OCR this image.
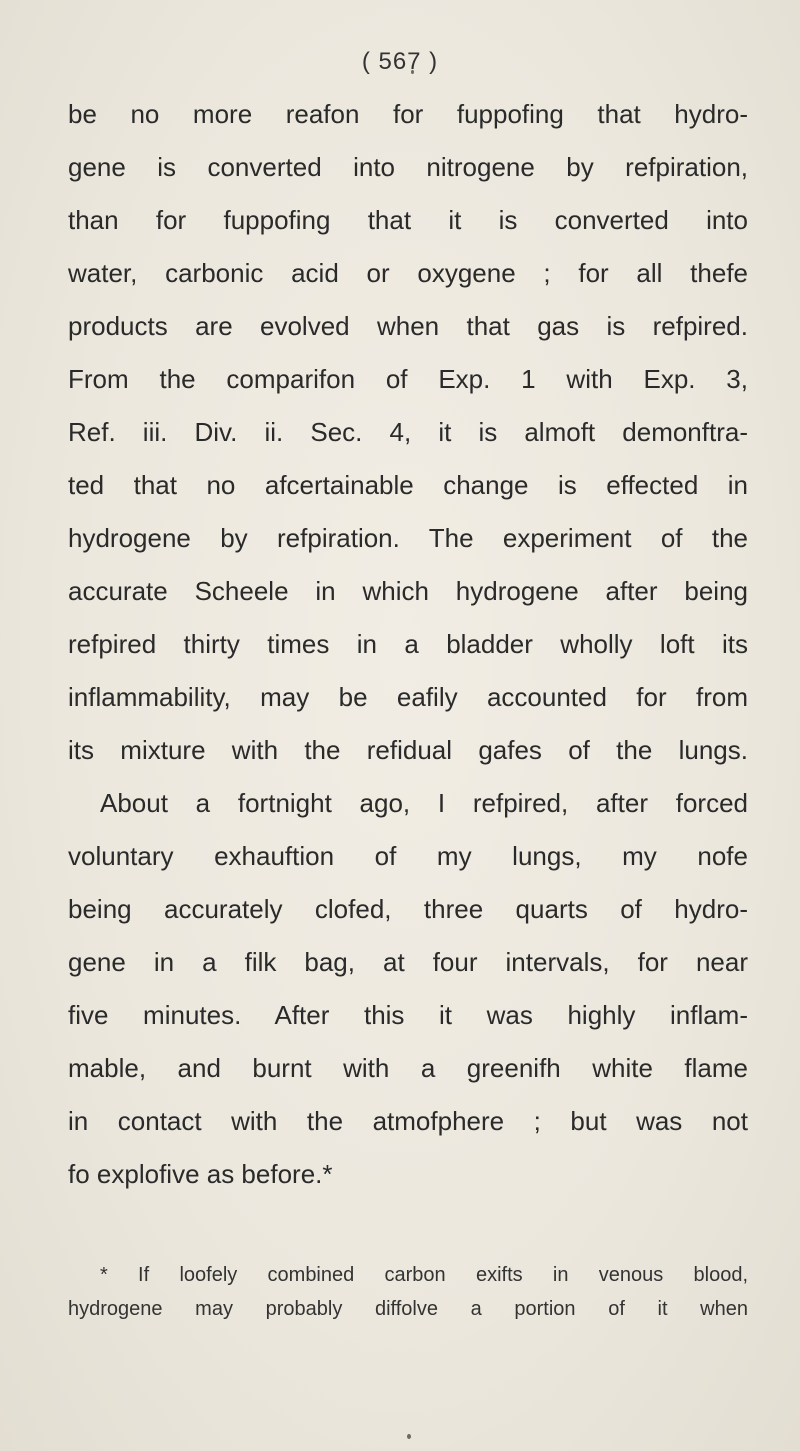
( 567 )
be no more reafon for fuppofing that hydro-
gene is converted into nitrogene by refpiration,
than for fuppofing that it is converted into
water, carbonic acid or oxygene ; for all thefe
products are evolved when that gas is refpired.
From the comparifon of Exp. 1 with Exp. 3,
Ref. iii. Div. ii. Sec. 4, it is almoft demonftra-
ted that no afcertainable change is effected in
hydrogene by refpiration. The experiment of the
accurate Scheele in which hydrogene after being
refpired thirty times in a bladder wholly loft its
inflammability, may be eafily accounted for from
its mixture with the refidual gafes of the lungs.
About a fortnight ago, I refpired, after forced
voluntary exhauftion of my lungs, my nofe
being accurately clofed, three quarts of hydro-
gene in a filk bag, at four intervals, for near
five minutes. After this it was highly inflam-
mable, and burnt with a greenifh white flame
in contact with the atmofphere ; but was not
fo explofive as before.*
* If loofely combined carbon exifts in venous blood,
hydrogene may probably diffolve a portion of it when
